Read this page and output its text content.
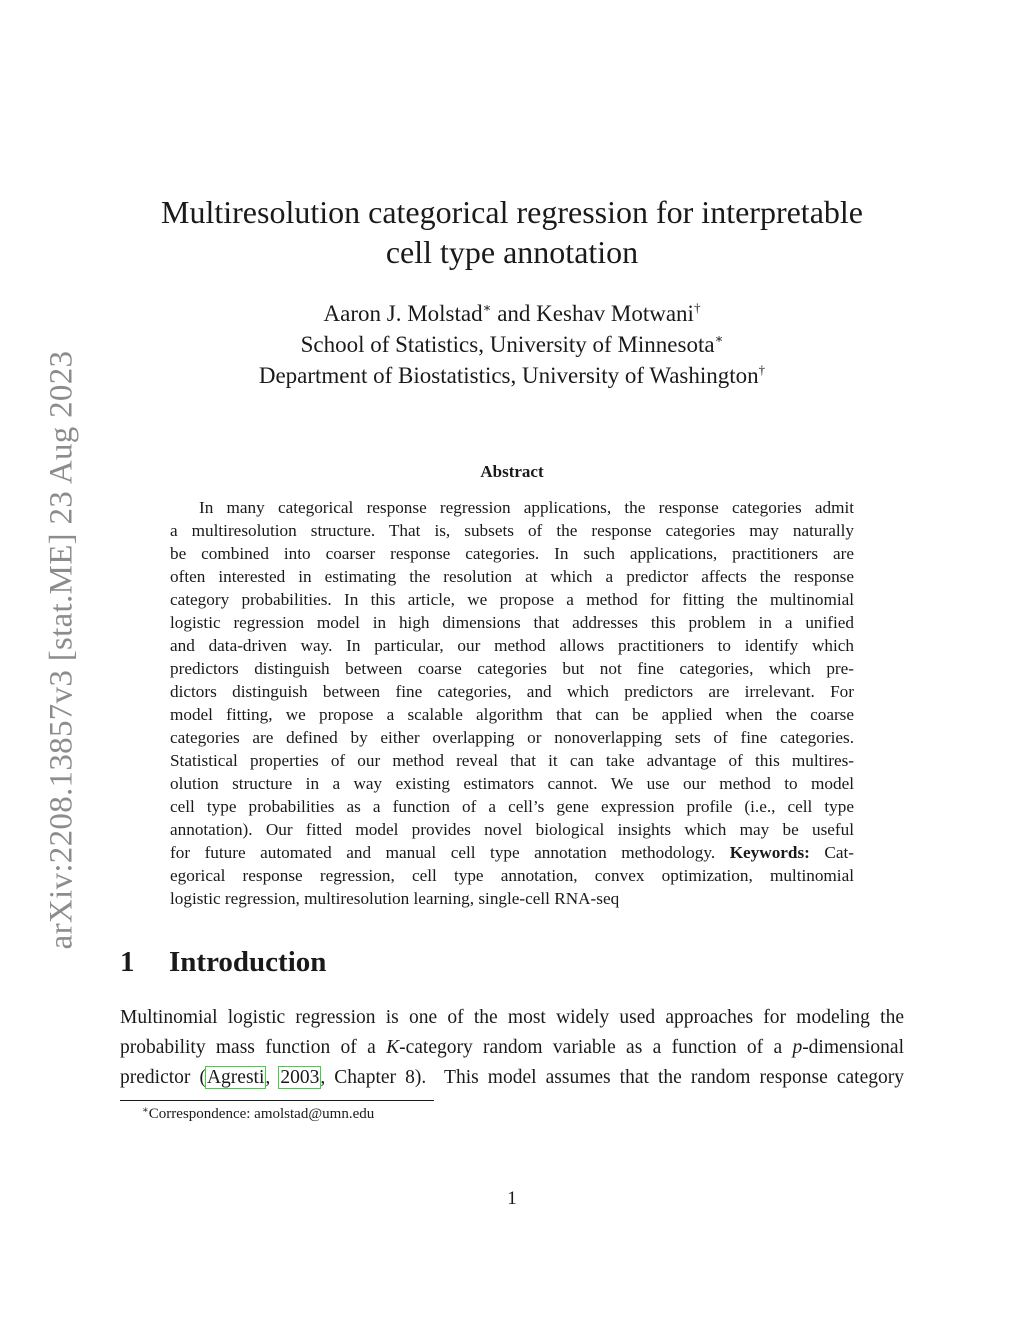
arXiv:2208.13857v3 [stat.ME] 23 Aug 2023
Multiresolution categorical regression for interpretable
cell type annotation
Aaron J. Molstad∗ and Keshav Motwani†
School of Statistics, University of Minnesota∗
Department of Biostatistics, University of Washington†
Abstract
In many categorical response regression applications, the response categories admit
a multiresolution structure. That is, subsets of the response categories may naturally
be combined into coarser response categories. In such applications, practitioners are
often interested in estimating the resolution at which a predictor affects the response
category probabilities. In this article, we propose a method for fitting the multinomial
logistic regression model in high dimensions that addresses this problem in a unified
and data-driven way. In particular, our method allows practitioners to identify which
predictors distinguish between coarse categories but not fine categories, which pre-
dictors distinguish between fine categories, and which predictors are irrelevant. For
model fitting, we propose a scalable algorithm that can be applied when the coarse
categories are defined by either overlapping or nonoverlapping sets of fine categories.
Statistical properties of our method reveal that it can take advantage of this multires-
olution structure in a way existing estimators cannot. We use our method to model
cell type probabilities as a function of a cell’s gene expression profile (i.e., cell type
annotation). Our fitted model provides novel biological insights which may be useful
for future automated and manual cell type annotation methodology. Keywords: Cat-
egorical response regression, cell type annotation, convex optimization, multinomial
logistic regression, multiresolution learning, single-cell RNA-seq
1 Introduction
Multinomial logistic regression is one of the most widely used approaches for modeling the
probability mass function of a K-category random variable as a function of a p-dimensional
predictor (Agresti, 2003, Chapter 8).  This model assumes that the random response category
∗Correspondence: amolstad@umn.edu
1
